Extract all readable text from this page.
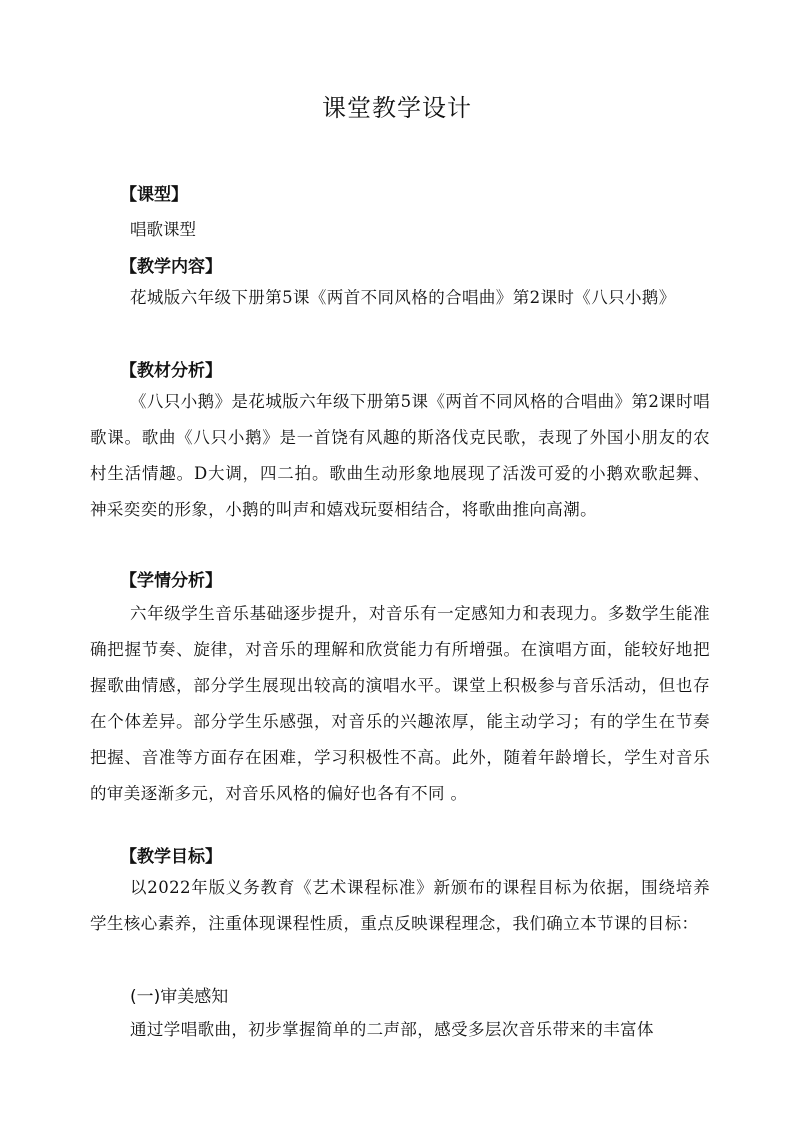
课堂教学设计
【课型】
唱歌课型
【教学内容】
花城版六年级下册第5课《两首不同风格的合唱曲》第2课时《八只小鹅》
【教材分析】
《八只小鹅》是花城版六年级下册第5课《两首不同风格的合唱曲》第2课时唱歌课。歌曲《八只小鹅》是一首饶有风趣的斯洛伐克民歌，表现了外国小朋友的农村生活情趣。D大调，四二拍。歌曲生动形象地展现了活泼可爱的小鹅欢歌起舞、神采奕奕的形象，小鹅的叫声和嬉戏玩耍相结合，将歌曲推向高潮。
【学情分析】
六年级学生音乐基础逐步提升，对音乐有一定感知力和表现力。多数学生能准确把握节奏、旋律，对音乐的理解和欣赏能力有所增强。在演唱方面，能较好地把握歌曲情感，部分学生展现出较高的演唱水平。课堂上积极参与音乐活动，但也存在个体差异。部分学生乐感强，对音乐的兴趣浓厚，能主动学习；有的学生在节奏把握、音准等方面存在困难，学习积极性不高。此外，随着年龄增长，学生对音乐的审美逐渐多元，对音乐风格的偏好也各有不同 。
【教学目标】
以2022年版义务教育《艺术课程标准》新颁布的课程目标为依据，围绕培养学生核心素养，注重体现课程性质，重点反映课程理念，我们确立本节课的目标：
(一)审美感知
通过学唱歌曲，初步掌握简单的二声部，感受多层次音乐带来的丰富体
